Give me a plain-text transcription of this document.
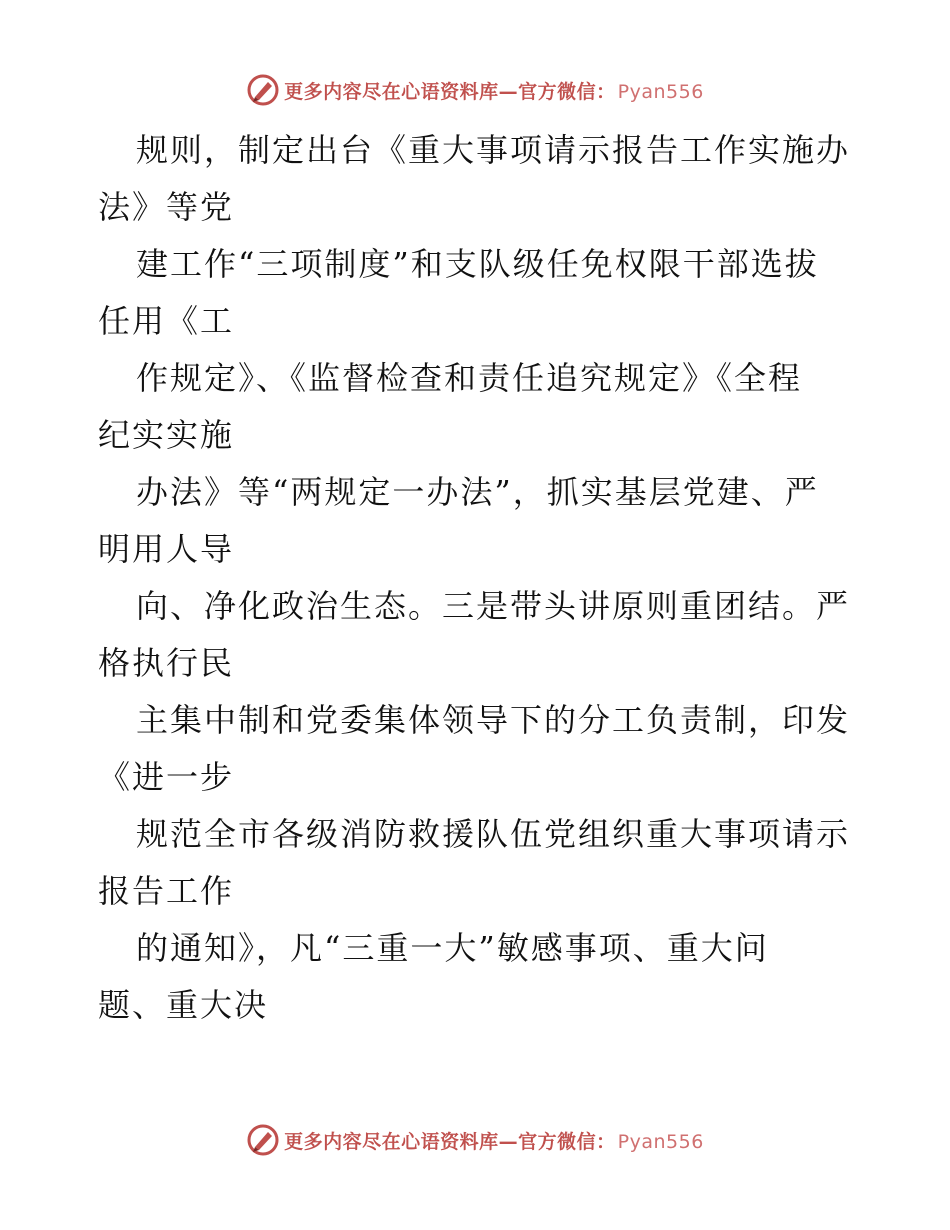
更多内容尽在心语资料库—官方微信： Pyan556
规则，制定出台《重大事项请示报告工作实施办
法》等党
建工作“三项制度”和支队级任免权限干部选拔
任用《工
作规定》、《监督检查和责任追究规定》《全程
纪实实施
办法》等“两规定一办法”，抓实基层党建、严
明用人导
向、净化政治生态。三是带头讲原则重团结。严
格执行民
主集中制和党委集体领导下的分工负责制，印发
《进一步
规范全市各级消防救援队伍党组织重大事项请示
报告工作
的通知》，凡“三重一大”敏感事项、重大问
题、重大决
更多内容尽在心语资料库—官方微信： Pyan556
